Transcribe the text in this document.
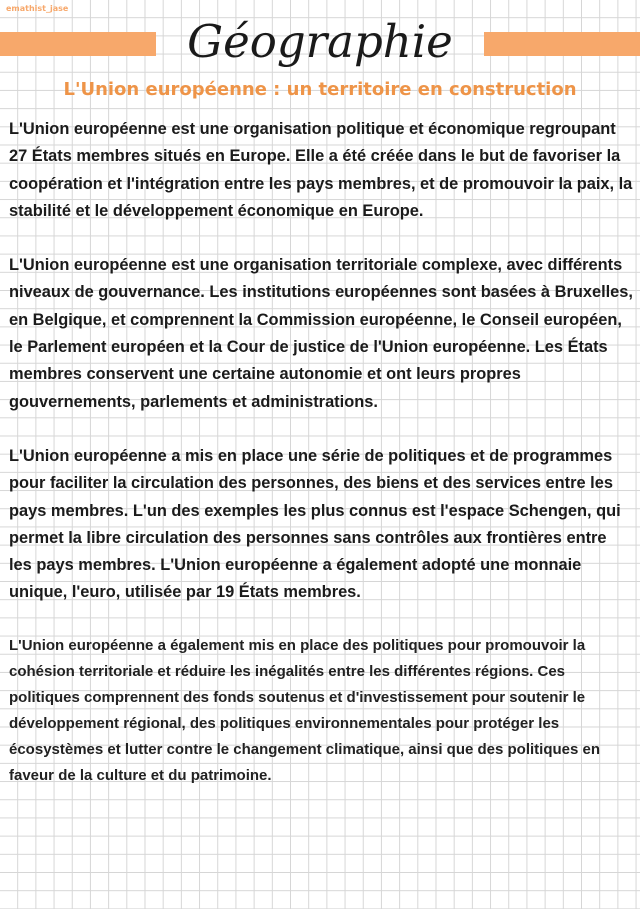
emathist_jase
Géographie
L'Union européenne : un territoire en construction

L'Union européenne est une organisation politique et économique regroupant 27 États membres situés en Europe. Elle a été créée dans le but de favoriser la coopération et l'intégration entre les pays membres, et de promouvoir la paix, la stabilité et le développement économique en Europe.

L'Union européenne est une organisation territoriale complexe, avec différents niveaux de gouvernance. Les institutions européennes sont basées à Bruxelles, en Belgique, et comprennent la Commission européenne, le Conseil européen, le Parlement européen et la Cour de justice de l'Union européenne. Les États membres conservent une certaine autonomie et ont leurs propres gouvernements, parlements et administrations.

L'Union européenne a mis en place une série de politiques et de programmes pour faciliter la circulation des personnes, des biens et des services entre les pays membres. L'un des exemples les plus connus est l'espace Schengen, qui permet la libre circulation des personnes sans contrôles aux frontières entre les pays membres. L'Union européenne a également adopté une monnaie unique, l'euro, utilisée par 19 États membres.

L'Union européenne a également mis en place des politiques pour promouvoir la cohésion territoriale et réduire les inégalités entre les différentes régions. Ces politiques comprennent des fonds soutenus et d'investissement pour soutenir le développement régional, des politiques environnementales pour protéger les écosystèmes et lutter contre le changement climatique, ainsi que des politiques en faveur de la culture et du patrimoine.
